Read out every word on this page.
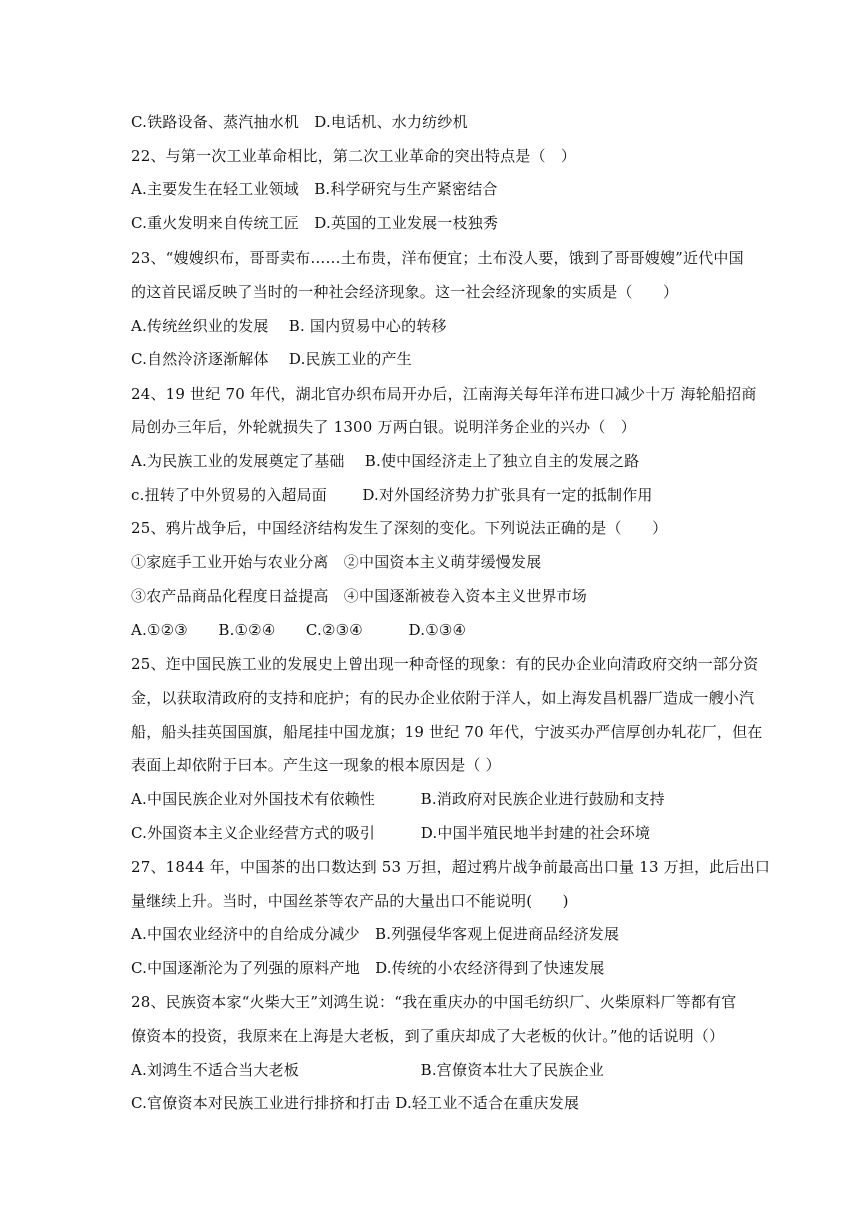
C.铁路设备、蒸汽抽水机　D.电话机、水力纺纱机
22、与第一次工业革命相比，第二次工业革命的突出特点是（　）
A.主要发生在轻工业领域　B.科学研究与生产紧密结合
C.重火发明来自传统工匠　D.英国的工业发展一枝独秀
23、“嫂嫂织布，哥哥卖布……土布贵，洋布便宜；土布没人要，饿到了哥哥嫂嫂”近代中国
的这首民谣反映了当时的一种社会经济现象。这一社会经济现象的实质是（　　）
A.传统丝织业的发展　 B. 国内贸易中心的转移
C.自然泠济逐渐解体　 D.民族工业的产生
24、19 世纪 70 年代，湖北官办织布局开办后，江南海关每年洋布进口减少十万 海轮船招商
局创办三年后，外轮就损失了 1300 万两白银。说明洋务企业的兴办（　）
A.为民族工业的发展奠定了基础　 B.使中国经济走上了独立自主的发展之路
c.扭转了中外贸易的入超局面　　 D.对外国经济势力扩张具有一定的抵制作用
25、鸦片战争后，中国经济结构发生了深刻的变化。下列说法正确的是（　　）
①家庭手工业开始与农业分离　②中国资本主义萌芽缓慢发展
③农产品商品化程度日益提高　④中国逐渐被卷入资本主义世界市场
A.①②③　　B.①②④　　C.②③④　　　D.①③④
25、迮中国民族工业的发展史上曾出现一种奇怪的现象：有的民办企业向清政府交纳一部分资
金，以获取清政府的支持和庇护；有的民办企业依附于洋人，如上海发昌机器厂造成一艘小汽
船，船头挂英国国旗，船尾挂中国龙旗；19 世纪 70 年代，宁波买办严信厚创办轧花厂，但在
表面上却依附于曰本。产生这一现象的根本原因是（ ）
A.中国民族企业对外国技术有依赖性　　　B.消政府对民族企业进行鼓励和支持
C.外国资本主义企业经营方式的吸引　　　D.中国半殖民地半封建的社会环境
27、1844 年，中国茶的出口数达到 53 万担，超过鸦片战争前最高出口量 13 万担，此后出口
量继续上升。当时，中国丝茶等农产品的大量出口不能说明(　　)
A.中国农业经济中的自给成分减少　B.列强侵华客观上促进商品经济发展
C.中国逐渐沦为了列强的原料产地　D.传统的小农经济得到了快速发展
28、民族资本家“火柴大王”刘鸿生说：“我在重庆办的中国毛纺织厂、火柴原料厂等都有官
僚资本的投资，我原来在上海是大老板，到了重庆却成了大老板的伙计。”他的话说明（）
A.刘鸿生不适合当大老板　　　　　　　　B.宫僚资本壮大了民族企业
C.官僚资本对民族工业进行排挤和打击 D.轻工业不适合在重庆发展
